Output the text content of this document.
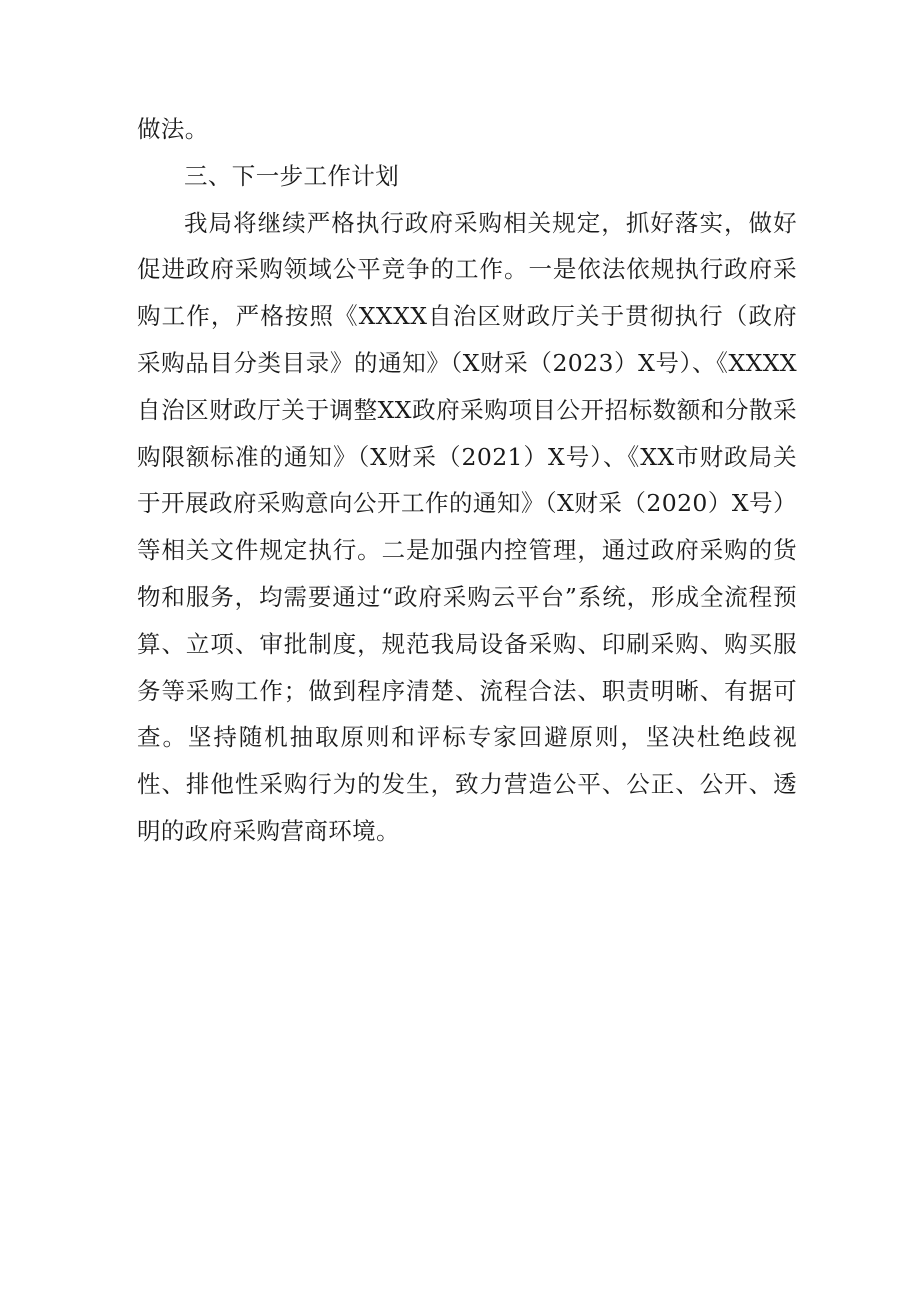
做法。

三、下一步工作计划

我局将继续严格执行政府采购相关规定，抓好落实，做好促进政府采购领域公平竞争的工作。一是依法依规执行政府采购工作，严格按照《XXXX自治区财政厅关于贯彻执行（政府采购品目分类目录》的通知》（X财采（2023）X号）、《XXXX自治区财政厅关于调整XX政府采购项目公开招标数额和分散采购限额标准的通知》（X财采（2021）X号）、《XX市财政局关于开展政府采购意向公开工作的通知》（X财采（2020）X号）等相关文件规定执行。二是加强内控管理，通过政府采购的货物和服务，均需要通过“政府采购云平台”系统，形成全流程预算、立项、审批制度，规范我局设备采购、印刷采购、购买服务等采购工作；做到程序清楚、流程合法、职责明晰、有据可查。坚持随机抽取原则和评标专家回避原则，坚决杜绝歧视性、排他性采购行为的发生，致力营造公平、公正、公开、透明的政府采购营商环境。
